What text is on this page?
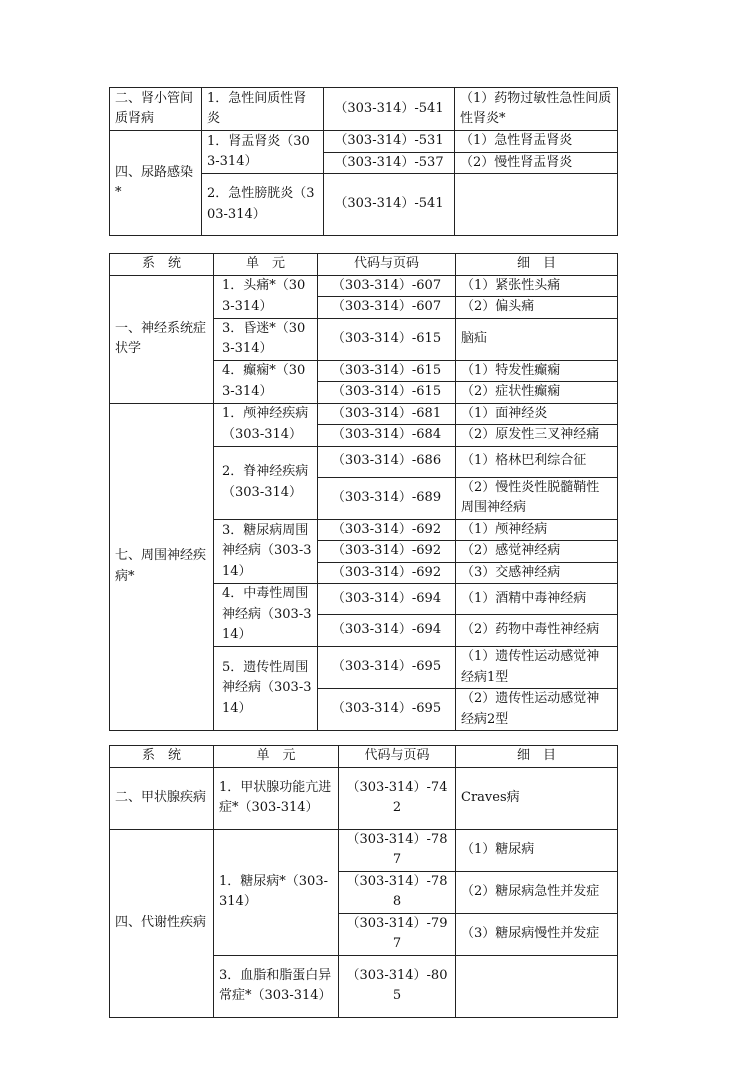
二、肾小管间质肾病	1．急性间质性肾炎	（303-314）-541	（1）药物过敏性急性间质性肾炎*
四、尿路感染*	1．肾盂肾炎（303-314）	（303-314）-531	（1）急性肾盂肾炎
		（303-314）-537	（2）慢性肾盂肾炎
	2．急性膀胱炎（303-314）	（303-314）-541	
系　统	单　元	代码与页码	细　目
一、神经系统症状学	1．头痛*（303-314）	（303-314）-607	（1）紧张性头痛
		（303-314）-607	（2）偏头痛
	3．昏迷*（303-314）	（303-314）-615	脑疝
	4．癫痫*（303-314）	（303-314）-615	（1）特发性癫痫
		（303-314）-615	（2）症状性癫痫
七、周围神经疾病*	1．颅神经疾病（303-314）	（303-314）-681	（1）面神经炎
		（303-314）-684	（2）原发性三叉神经痛
	2．脊神经疾病（303-314）	（303-314）-686	（1）格林巴利综合征
		（303-314）-689	（2）慢性炎性脱髓鞘性周围神经病
	3．糖尿病周围神经病（303-314）	（303-314）-692	（1）颅神经病
		（303-314）-692	（2）感觉神经病
		（303-314）-692	（3）交感神经病
	4．中毒性周围神经病（303-314）	（303-314）-694	（1）酒精中毒神经病
		（303-314）-694	（2）药物中毒性神经病
	5．遗传性周围神经病（303-314）	（303-314）-695	（1）遗传性运动感觉神经病1型
		（303-314）-695	（2）遗传性运动感觉神经病2型
系　统	单　元	代码与页码	细　目
二、甲状腺疾病	1．甲状腺功能亢进症*（303-314）	（303-314）-742	Craves病
四、代谢性疾病	1．糖尿病*（303-314）	（303-314）-787	（1）糖尿病
		（303-314）-788	（2）糖尿病急性并发症
		（303-314）-797	（3）糖尿病慢性并发症
	3．血脂和脂蛋白异常症*（303-314）	（303-314）-805	
